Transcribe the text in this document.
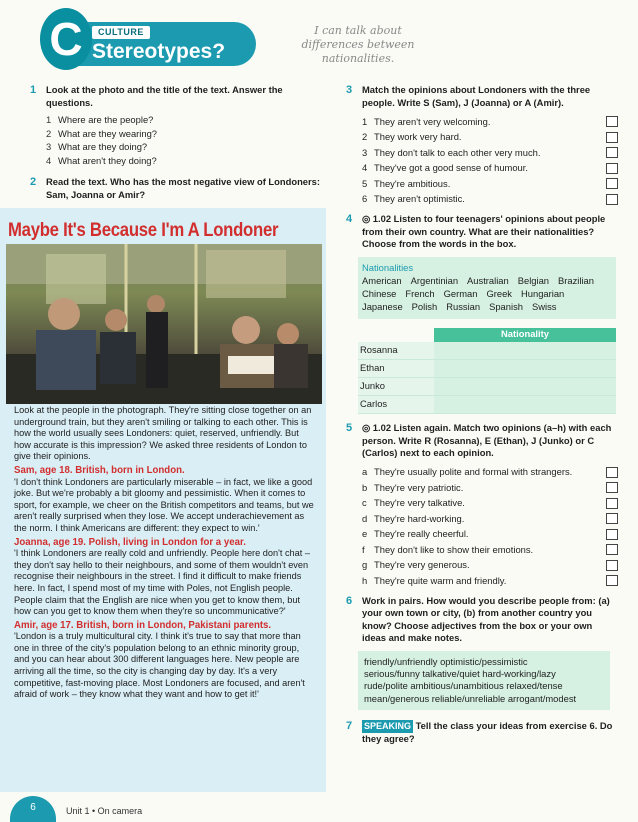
C	CULTURE
Stereotypes?
I can talk about
differences between nationalities.
1	Look at the photo and the title of the text. Answer the questions.
1 Where are the people?
2 What are they wearing?
3 What are they doing?
4 What aren't they doing?
2	Read the text. Who has the most negative view of Londoners: Sam, Joanna or Amir?
Maybe It's Because I'm A Londoner

Look at the people in the photograph. They're sitting close together on an underground train, but they aren't smiling or talking to each other. This is how the world usually sees Londoners: quiet, reserved, unfriendly. But how accurate is this impression? We asked three residents of London to give their opinions.

Sam, age 18. British, born in London.

'I don't think Londoners are particularly miserable – in fact, we like a good joke. But we're probably a bit gloomy and pessimistic. When it comes to sport, for example, we cheer on the British competitors and teams, but we aren't really surprised when they lose. We accept underachievement as the norm. I think Americans are different: they expect to win.'

Joanna, age 19. Polish, living in London for a year.

'I think Londoners are really cold and unfriendly. People here don't chat – they don't say hello to their neighbours, and some of them wouldn't even recognise their neighbours in the street. I find it difficult to make friends here. In fact, I spend most of my time with Poles, not English people. People claim that the English are nice when you get to know them, but how can you get to know them when they're so uncommunicative?'

Amir, age 17. British, born in London, Pakistani parents.

'London is a truly multicultural city. I think it's true to say that more than one in three of the city's population belong to an ethnic minority group, and you can hear about 300 different languages here. New people are arriving all the time, so the city is changing day by day. It's a very competitive, fast-moving place. Most Londoners are focused, and aren't afraid of work – they know what they want and how to get it!'

3	Match the opinions about Londoners with the three people. Write S (Sam), J (Joanna) or A (Amir).
1 They aren't very welcoming.
2 They work very hard.
3 They don't talk to each other very much.
4 They've got a good sense of humour.
5 They're ambitious.
6 They aren't optimistic.
4	◎ 1.02 Listen to four teenagers' opinions about people from their own country. What are their nationalities? Choose from the words in the box.
Nationalities
American Argentinian Australian Belgian Brazilian
Chinese French German Greek Hungarian
Japanese Polish Russian Spanish Swiss
	Nationality
Rosanna	
Ethan	
Junko	
Carlos	
5	◎ 1.02 Listen again. Match two opinions (a–h) with each person. Write R (Rosanna), E (Ethan), J (Junko) or C (Carlos) next to each opinion.
a They're usually polite and formal with strangers.
b They're very patriotic.
c They're very talkative.
d They're hard-working.
e They're really cheerful.
f They don't like to show their emotions.
g They're very generous.
h They're quite warm and friendly.
6	Work in pairs. How would you describe people from: (a) your own town or city, (b) from another country you know? Choose adjectives from the box or your own ideas and make notes.
friendly/unfriendly optimistic/pessimistic
serious/funny talkative/quiet hard-working/lazy
rude/polite ambitious/unambitious relaxed/tense
mean/generous reliable/unreliable arrogant/modest
7	SPEAKING Tell the class your ideas from exercise 6. Do they agree?
6	Unit 1 • On camera
